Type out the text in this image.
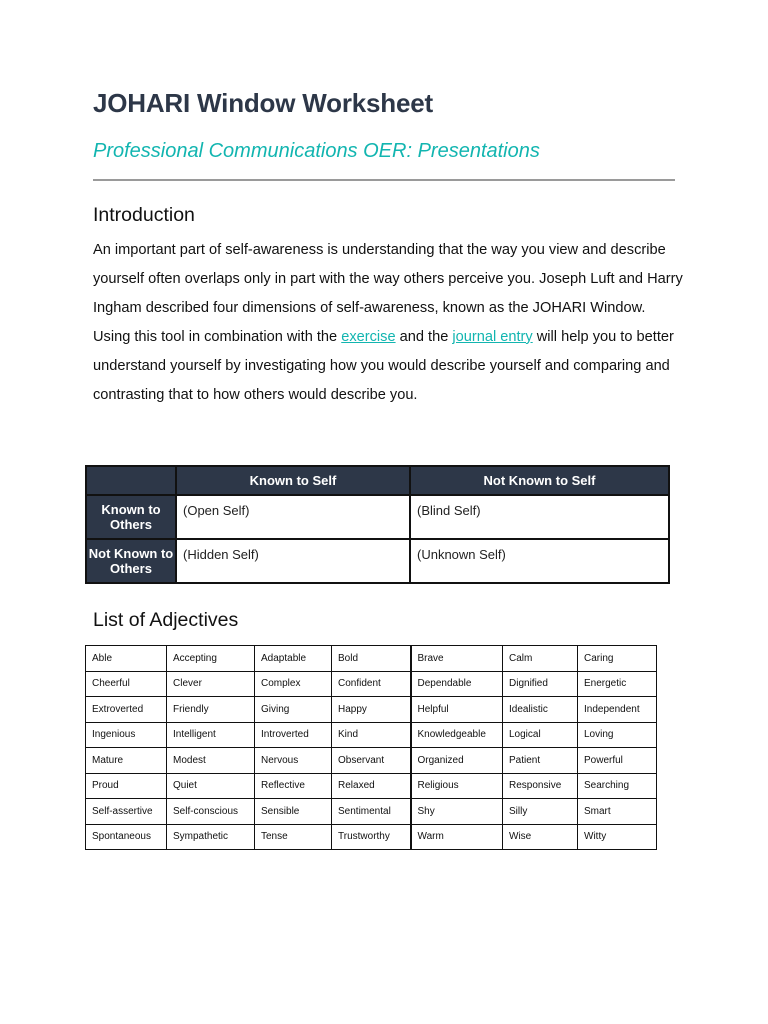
JOHARI Window Worksheet
Professional Communications OER: Presentations
Introduction

An important part of self-awareness is understanding that the way you view and describe yourself often overlaps only in part with the way others perceive you. Joseph Luft and Harry Ingham described four dimensions of self-awareness, known as the JOHARI Window. Using this tool in combination with the exercise and the journal entry will help you to better understand yourself by investigating how you would describe yourself and comparing and contrasting that to how others would describe you.

	Known to Self	Not Known to Self
Known to Others	(Open Self)	(Blind Self)
Not Known to Others	(Hidden Self)	(Unknown Self)
List of Adjectives
Able	Accepting	Adaptable	Bold	Brave	Calm	Caring
Cheerful	Clever	Complex	Confident	Dependable	Dignified	Energetic
Extroverted	Friendly	Giving	Happy	Helpful	Idealistic	Independent
Ingenious	Intelligent	Introverted	Kind	Knowledgeable	Logical	Loving
Mature	Modest	Nervous	Observant	Organized	Patient	Powerful
Proud	Quiet	Reflective	Relaxed	Religious	Responsive	Searching
Self-assertive	Self-conscious	Sensible	Sentimental	Shy	Silly	Smart
Spontaneous	Sympathetic	Tense	Trustworthy	Warm	Wise	Witty
